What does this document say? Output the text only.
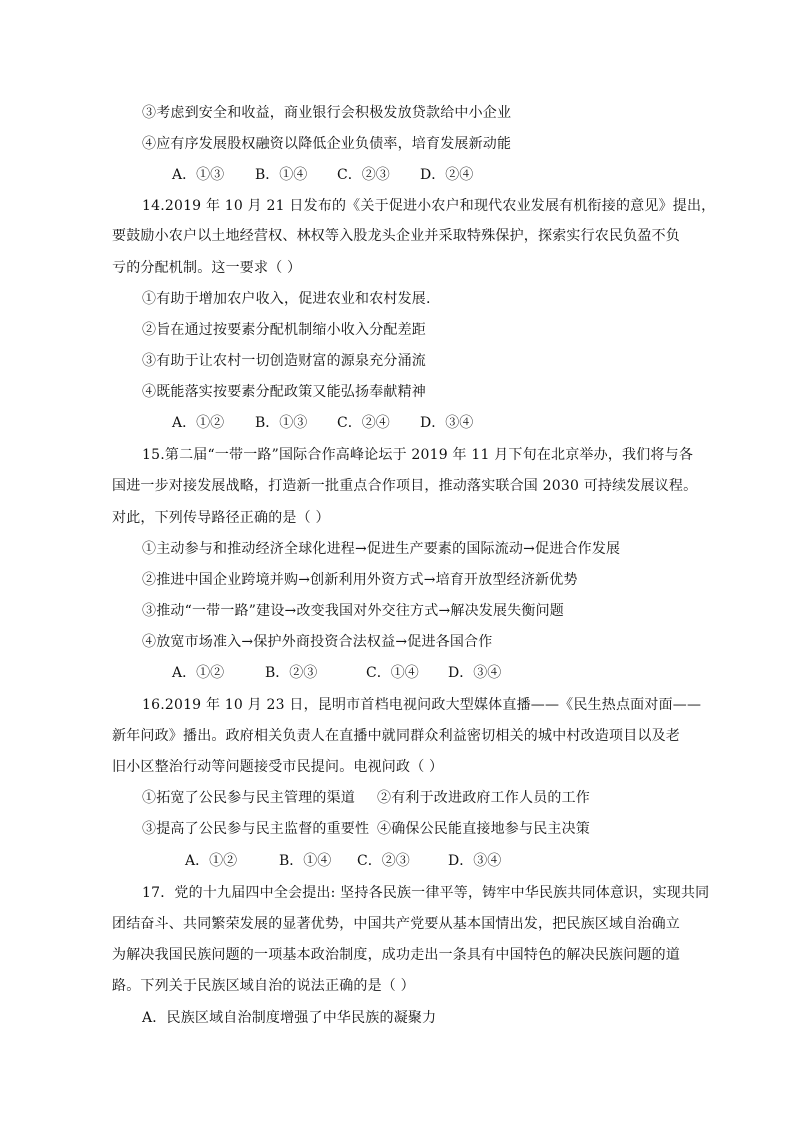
③考虑到安全和收益，商业银行会积极发放贷款给中小企业
④应有序发展股权融资以降低企业负债率，培育发展新动能
A．①③ B．①④ C．②③ D．②④
14.2019 年 10 月 21 日发布的《关于促进小农户和现代农业发展有机衔接的意见》提出，
要鼓励小农户以土地经营权、林权等入股龙头企业并采取特殊保护，探索实行农民负盈不负
亏的分配机制。这一要求（ ）
①有助于增加农户收入，促进农业和农村发展.
②旨在通过按要素分配机制缩小收入分配差距
③有助于让农村一切创造财富的源泉充分涌流
④既能落实按要素分配政策又能弘扬奉献精神
A．①② B．①③ C．②④ D．③④
15.第二届“一带一路”国际合作高峰论坛于 2019 年 11 月下旬在北京举办，我们将与各
国进一步对接发展战略，打造新一批重点合作项目，推动落实联合国 2030 可持续发展议程。
对此，下列传导路径正确的是（ ）
①主动参与和推动经济全球化进程→促进生产要素的国际流动→促进合作发展
②推进中国企业跨境并购→创新利用外资方式→培育开放型经济新优势
③推动“一带一路”建设→改变我国对外交往方式→解决发展失衡问题
④放宽市场准入→保护外商投资合法权益→促进各国合作
A．①②	B．②③	C．①④ D．③④
16.2019 年 10 月 23 日，昆明市首档电视问政大型媒体直播——《民生热点面对面——
新年问政》播出。政府相关负责人在直播中就同群众利益密切相关的城中村改造项目以及老
旧小区整治行动等问题接受市民提问。电视问政（ ）
①拓宽了公民参与民主管理的渠道 ②有利于改进政府工作人员的工作
③提高了公民参与民主监督的重要性 ④确保公民能直接地参与民主决策
A．①②	B．①④ C．②③	D．③④
17．党的十九届四中全会提出: 坚持各民族一律平等，铸牢中华民族共同体意识，实现共同
团结奋斗、共同繁荣发展的显著优势，中国共产党要从基本国情出发，把民族区域自治确立
为解决我国民族问题的一项基本政治制度，成功走出一条具有中国特色的解决民族问题的道
路。下列关于民族区域自治的说法正确的是（ ）
A．民族区域自治制度增强了中华民族的凝聚力
